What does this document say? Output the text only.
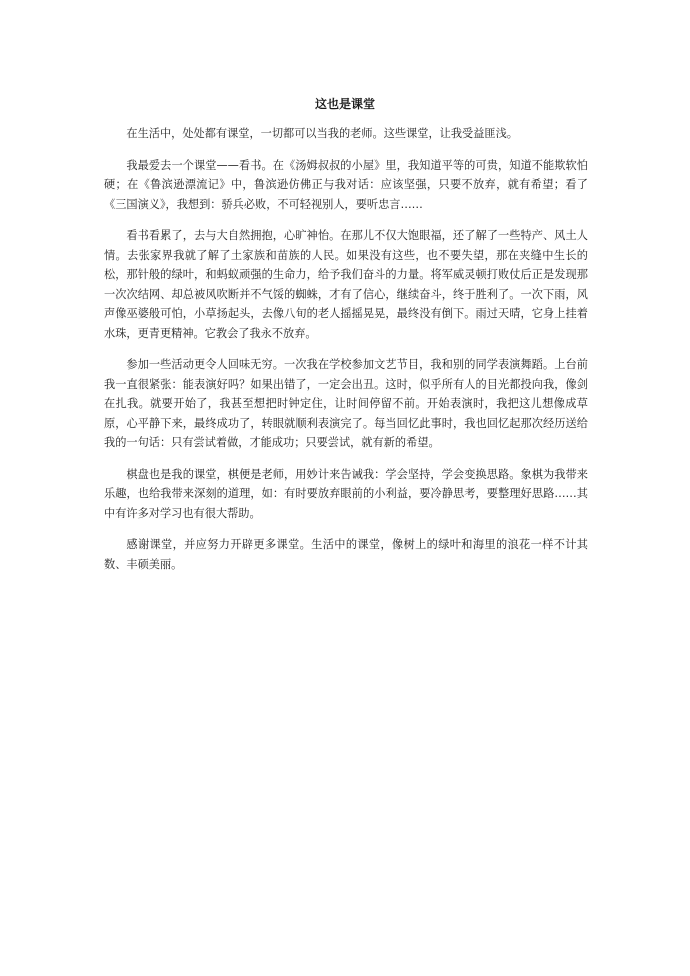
这也是课堂

在生活中，处处都有课堂，一切都可以当我的老师。这些课堂，让我受益匪浅。

我最爱去一个课堂——看书。在《汤姆叔叔的小屋》里，我知道平等的可贵，知道不能欺软怕硬；在《鲁滨逊漂流记》中，鲁滨逊仿佛正与我对话：应该坚强，只要不放弃，就有希望；看了《三国演义》，我想到：骄兵必败，不可轻视别人，要听忠言……

看书看累了，去与大自然拥抱，心旷神怡。在那儿不仅大饱眼福，还了解了一些特产、风土人情。去张家界我就了解了土家族和苗族的人民。如果没有这些，也不要失望，那在夹缝中生长的松，那针般的绿叶，和蚂蚁顽强的生命力，给予我们奋斗的力量。将军威灵顿打败仗后正是发现那一次次结网、却总被风吹断并不气馁的蜘蛛，才有了信心，继续奋斗，终于胜利了。一次下雨，风声像巫婆般可怕，小草扬起头，去像八旬的老人摇摇晃晃，最终没有倒下。雨过天晴，它身上挂着水珠，更青更精神。它教会了我永不放弃。

参加一些活动更令人回味无穷。一次我在学校参加文艺节目，我和别的同学表演舞蹈。上台前我一直很紧张：能表演好吗？如果出错了，一定会出丑。这时，似乎所有人的目光都投向我，像剑在扎我。就要开始了，我甚至想把时钟定住，让时间停留不前。开始表演时，我把这儿想像成草原，心平静下来，最终成功了，转眼就顺利表演完了。每当回忆此事时，我也回忆起那次经历送给我的一句话：只有尝试着做，才能成功；只要尝试，就有新的希望。

棋盘也是我的课堂，棋便是老师，用妙计来告诫我：学会坚持，学会变换思路。象棋为我带来乐趣，也给我带来深刻的道理，如：有时要放弃眼前的小利益，要冷静思考，要整理好思路……其中有许多对学习也有很大帮助。

感谢课堂，并应努力开辟更多课堂。生活中的课堂，像树上的绿叶和海里的浪花一样不计其数、丰硕美丽。
